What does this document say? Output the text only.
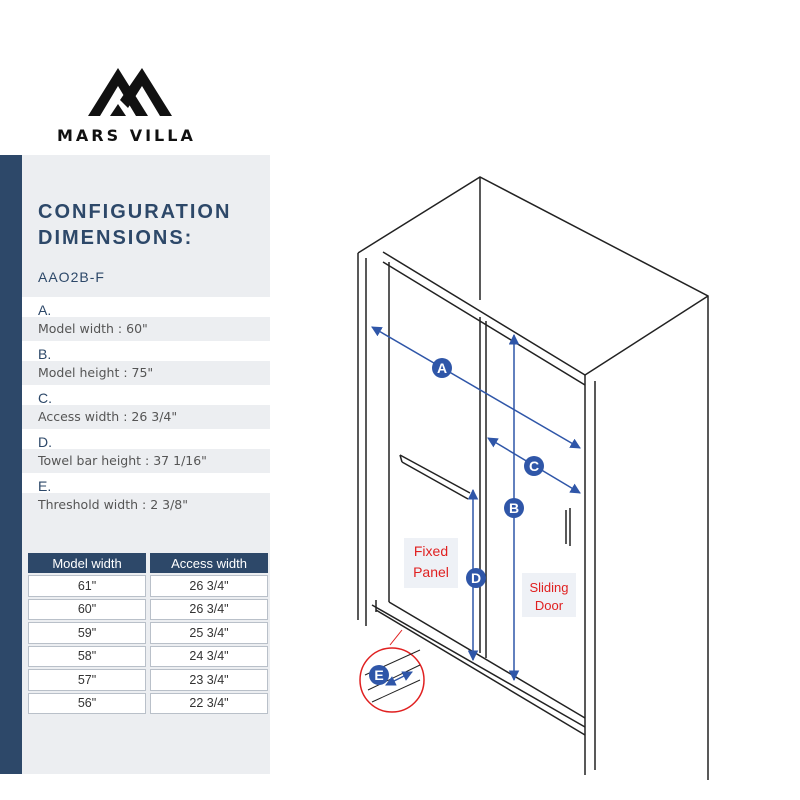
MARS VILLA
CONFIGURATION
DIMENSIONS:
AAO2B-F
A.
Model width : 60"
B.
Model height : 75"
C.
Access width : 26 3/4"
D.
Towel bar height : 37 1/16"
E.
Threshold width : 2 3/8"
Model width		Access width
61"		26 3/4"
60"		26 3/4"
59"		25 3/4"
58"		24 3/4"
57"		23 3/4"
56"		22 3/4"
A
B
C
D
E
Fixed
Panel
Sliding
Door
